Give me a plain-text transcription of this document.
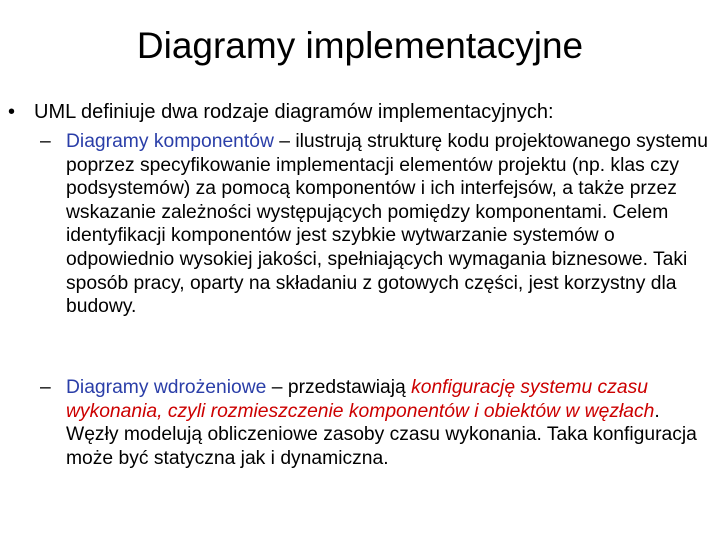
Diagramy implementacyjne
• UML definiuje dwa rodzaje diagramów implementacyjnych:
– Diagramy komponentów – ilustrują strukturę kodu projektowanego systemu poprzez specyfikowanie implementacji elementów projektu (np. klas czy podsystemów) za pomocą komponentów i ich interfejsów, a także przez wskazanie zależności występujących pomiędzy komponentami. Celem identyfikacji komponentów jest szybkie wytwarzanie systemów o odpowiednio wysokiej jakości, spełniających wymagania biznesowe. Taki sposób pracy, oparty na składaniu z gotowych części, jest korzystny dla budowy.
– Diagramy wdrożeniowe – przedstawiają konfigurację systemu czasu wykonania, czyli rozmieszczenie komponentów i obiektów w węzłach. Węzły modelują obliczeniowe zasoby czasu wykonania. Taka konfiguracja może być statyczna jak i dynamiczna.
